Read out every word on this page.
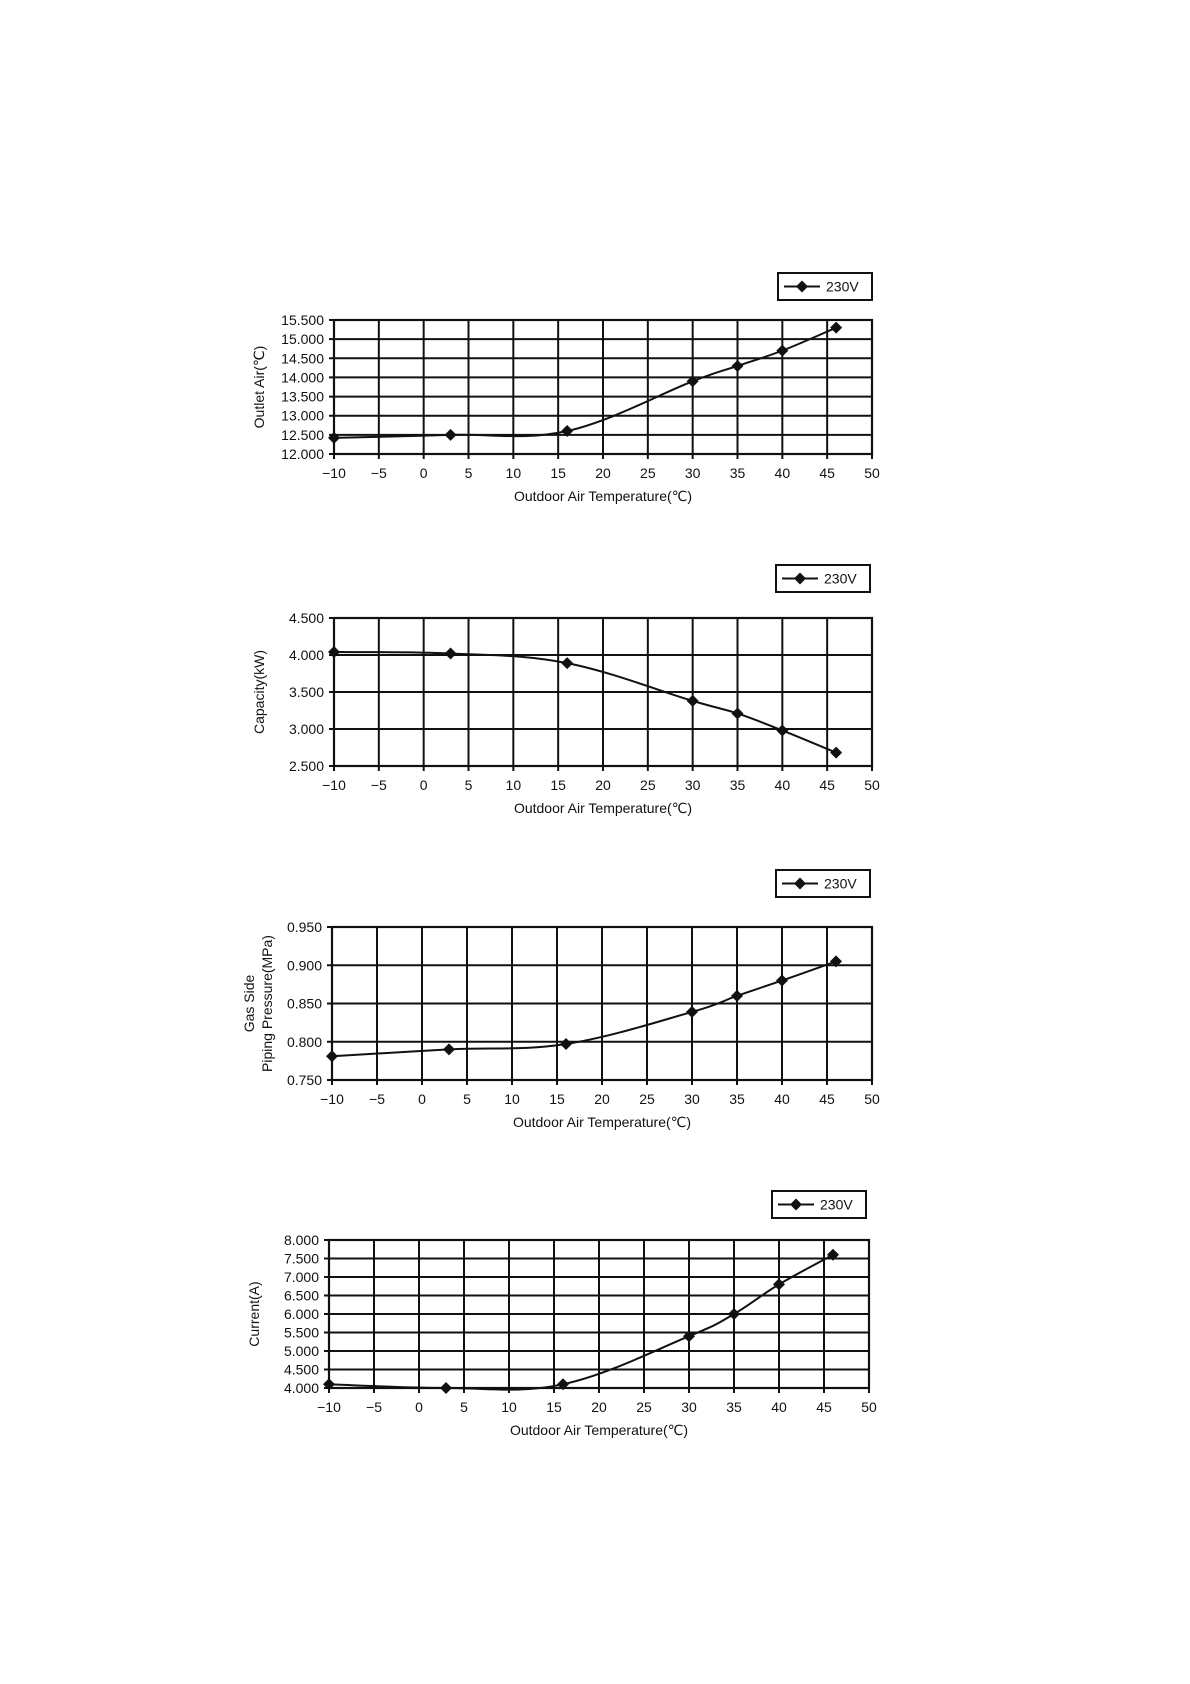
−10 −5 0	5 10 15 20 25 30 35 40 45 50
12.000
12.500
13.000
13.500
14.000
14.500
15.000
15.500
Outdoor Air Temperature(℃)
Outlet Air(℃)
230V
−10 −5 0	5 10 15 20 25 30 35 40 45 50
2.500
3.000
3.500
4.000
4.500
Outdoor Air Temperature(℃)
Capacity(kW)
230V
−10 −5 0	5 10 15 20 25 30 35 40 45 50
0.750
0.800
0.850
0.900
0.950
Outdoor Air Temperature(℃)
Gas Side Piping Pressure(MPa)
230V
−10 −5 0	5 10 15 20 25 30 35 40 45 50
4.000
4.500
5.000
5.500
6.000
6.500
7.000
7.500
8.000
Outdoor Air Temperature(℃)
Current(A)
230V
